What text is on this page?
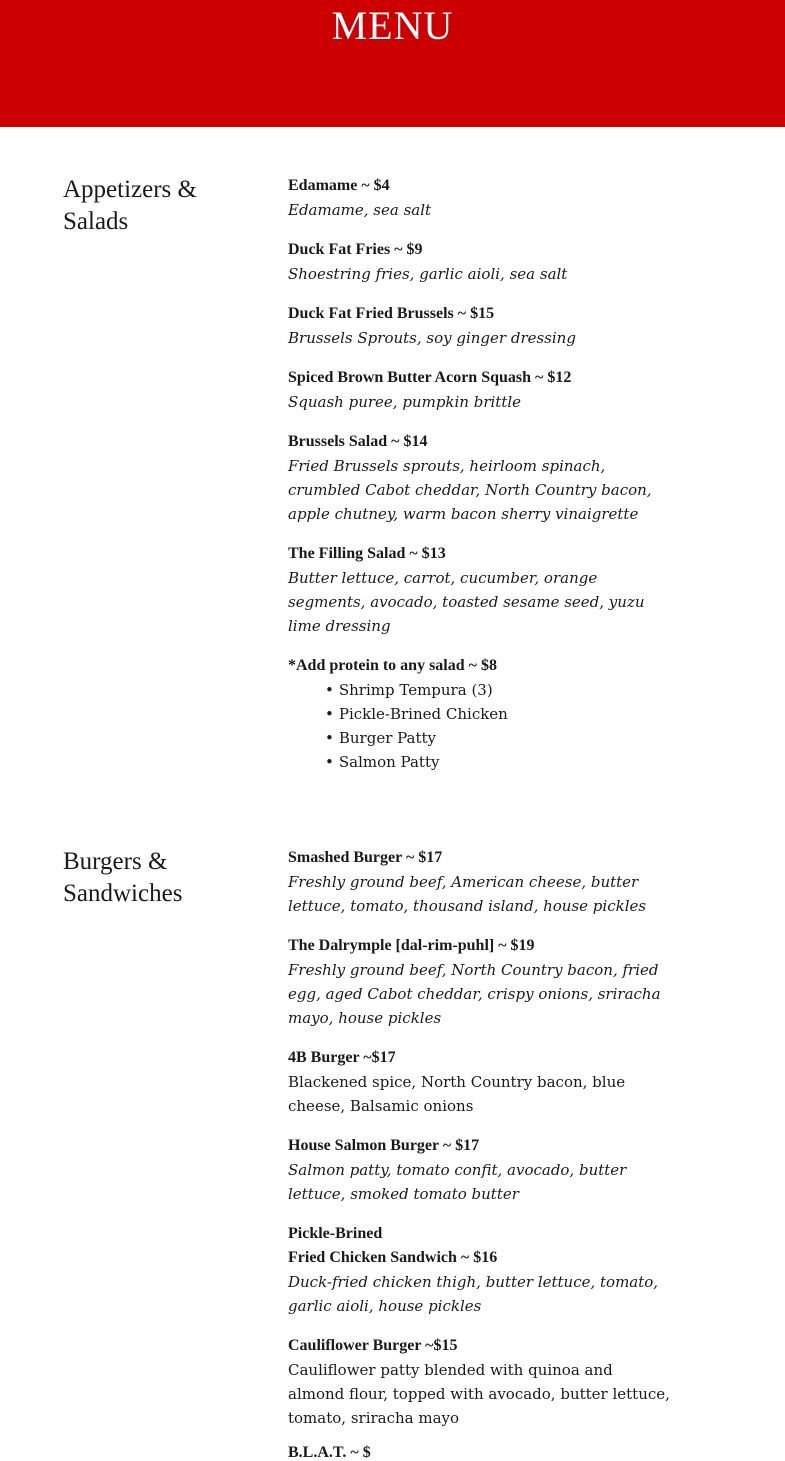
MENU
Appetizers & Salads
Edamame ~ $4
Edamame, sea salt
Duck Fat Fries ~ $9
Shoestring fries, garlic aioli, sea salt
Duck Fat Fried Brussels ~ $15
Brussels Sprouts, soy ginger dressing
Spiced Brown Butter Acorn Squash ~ $12
Squash puree, pumpkin brittle
Brussels Salad ~ $14
Fried Brussels sprouts, heirloom spinach, crumbled Cabot cheddar, North Country bacon, apple chutney, warm bacon sherry vinaigrette
The Filling Salad ~ $13
Butter lettuce, carrot, cucumber, orange segments, avocado, toasted sesame seed, yuzu lime dressing
*Add protein to any salad ~ $8
• Shrimp Tempura (3)
• Pickle-Brined Chicken
• Burger Patty
• Salmon Patty
Burgers & Sandwiches
Smashed Burger ~ $17
Freshly ground beef, American cheese, butter lettuce, tomato, thousand island, house pickles
The Dalrymple [dal-rim-puhl] ~ $19
Freshly ground beef, North Country bacon, fried egg, aged Cabot cheddar, crispy onions, sriracha mayo, house pickles
4B Burger ~$17
Blackened spice, North Country bacon, blue cheese, Balsamic onions
House Salmon Burger ~ $17
Salmon patty, tomato confit, avocado, butter lettuce, smoked tomato butter
Pickle-Brined
Fried Chicken Sandwich ~ $16
Duck-fried chicken thigh, butter lettuce, tomato, garlic aioli, house pickles
Cauliflower Burger ~$15
Cauliflower patty blended with quinoa and almond flour, topped with avocado, butter lettuce, tomato, sriracha mayo
B.L.A.T. ~ $
